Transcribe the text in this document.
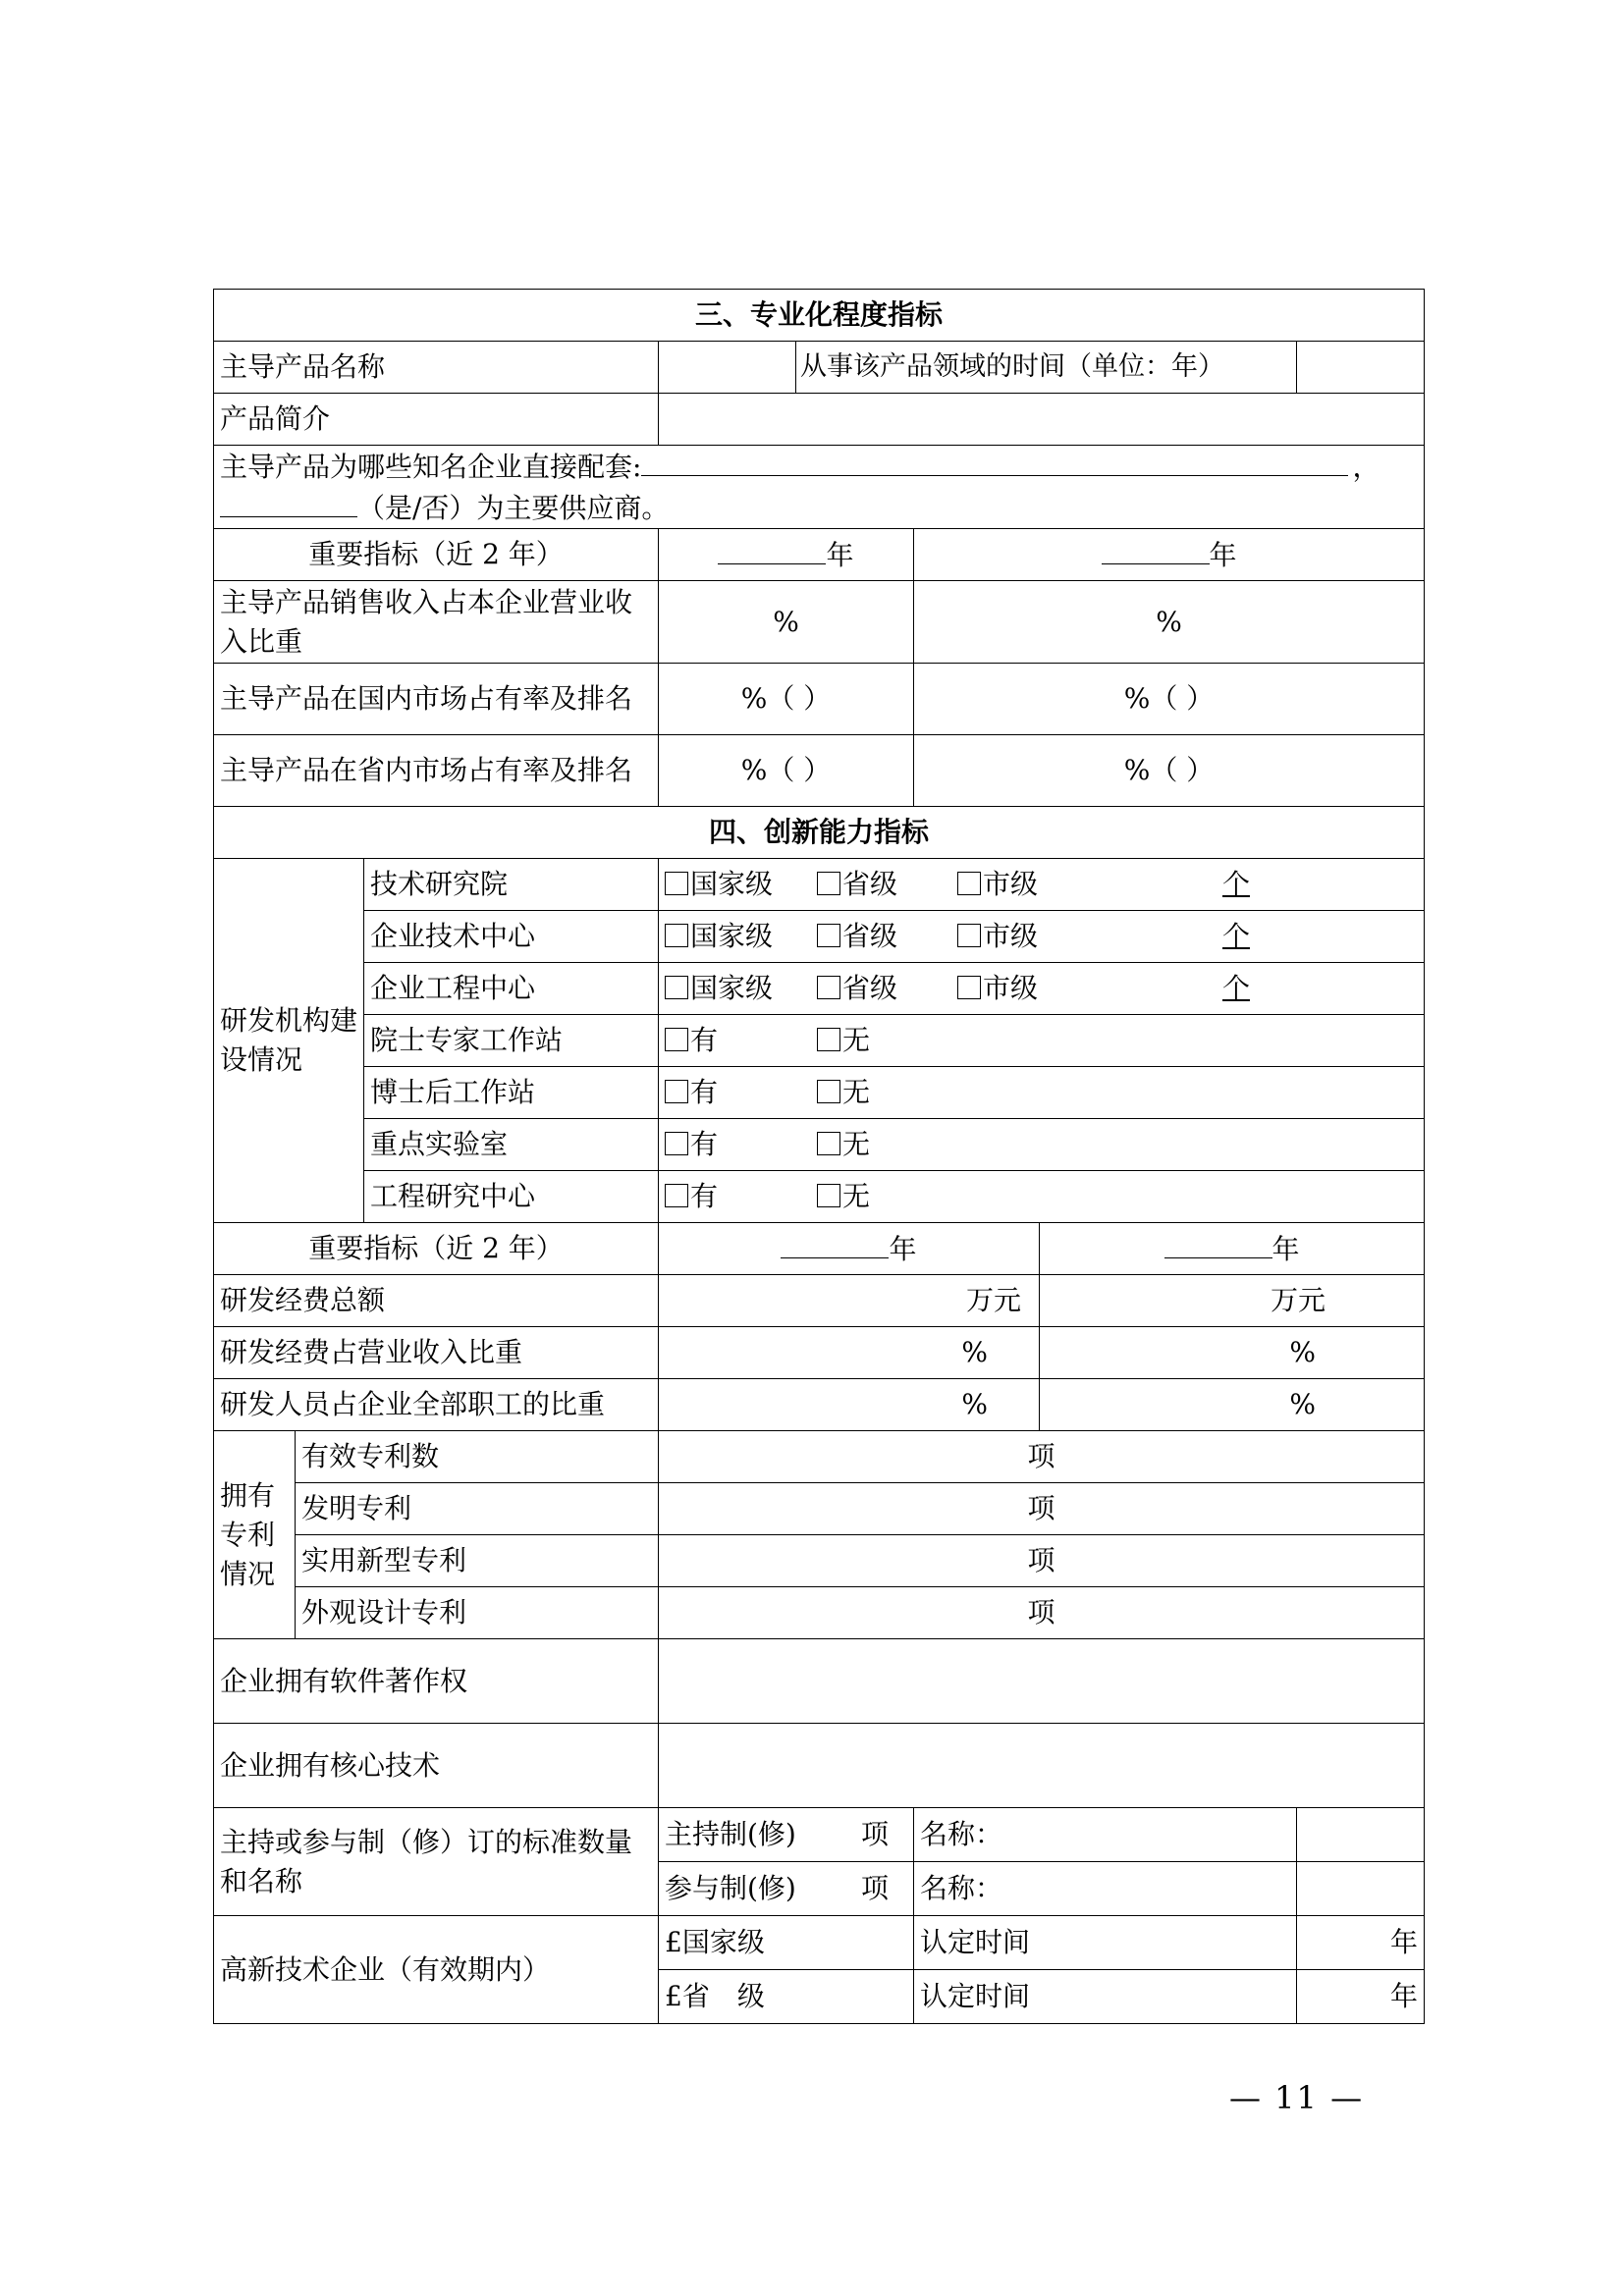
三、专业化程度指标							
主导产品名称				从事该产品领域的时间（单位：年）			
产品简介							

主导产品为哪些知名企业直接配套: ，
（是/否）为主要供应商。							

重要指标（近 2 年）			年		年		
主导产品销售收入占本企业营业收入比重			%		%		
主导产品在国内市场占有率及排名			%（ ）		%（ ）		
主导产品在省内市场占有率及排名			%（ ）		%（ ）		
四、创新能力指标							
研发机构建设情况		技术研究院	国家级 省级 市级 个				
		企业技术中心	国家级 省级 市级 个				
		企业工程中心	国家级 省级 市级 个				
		院士专家工作站	有 无				
		博士后工作站	有 无				
		重点实验室	有 无				
		工程研究中心	有 无				
重要指标（近 2 年）			年			年	
研发经费总额			万元			万元	
研发经费占营业收入比重			%			%	
研发人员占企业全部职工的比重			%			%	
拥有专利情况	有效专利数		项				
	发明专利		项				
	实用新型专利		项				
	外观设计专利		项				
企业拥有软件著作权							
企业拥有核心技术							
主持或参与制（修）订的标准数量和名称			主持制(修) 项		名称：		
			参与制(修) 项		名称：		
高新技术企业（有效期内）			£国家级		认定时间		年
			£省　级		认定时间		年
— 11 —
